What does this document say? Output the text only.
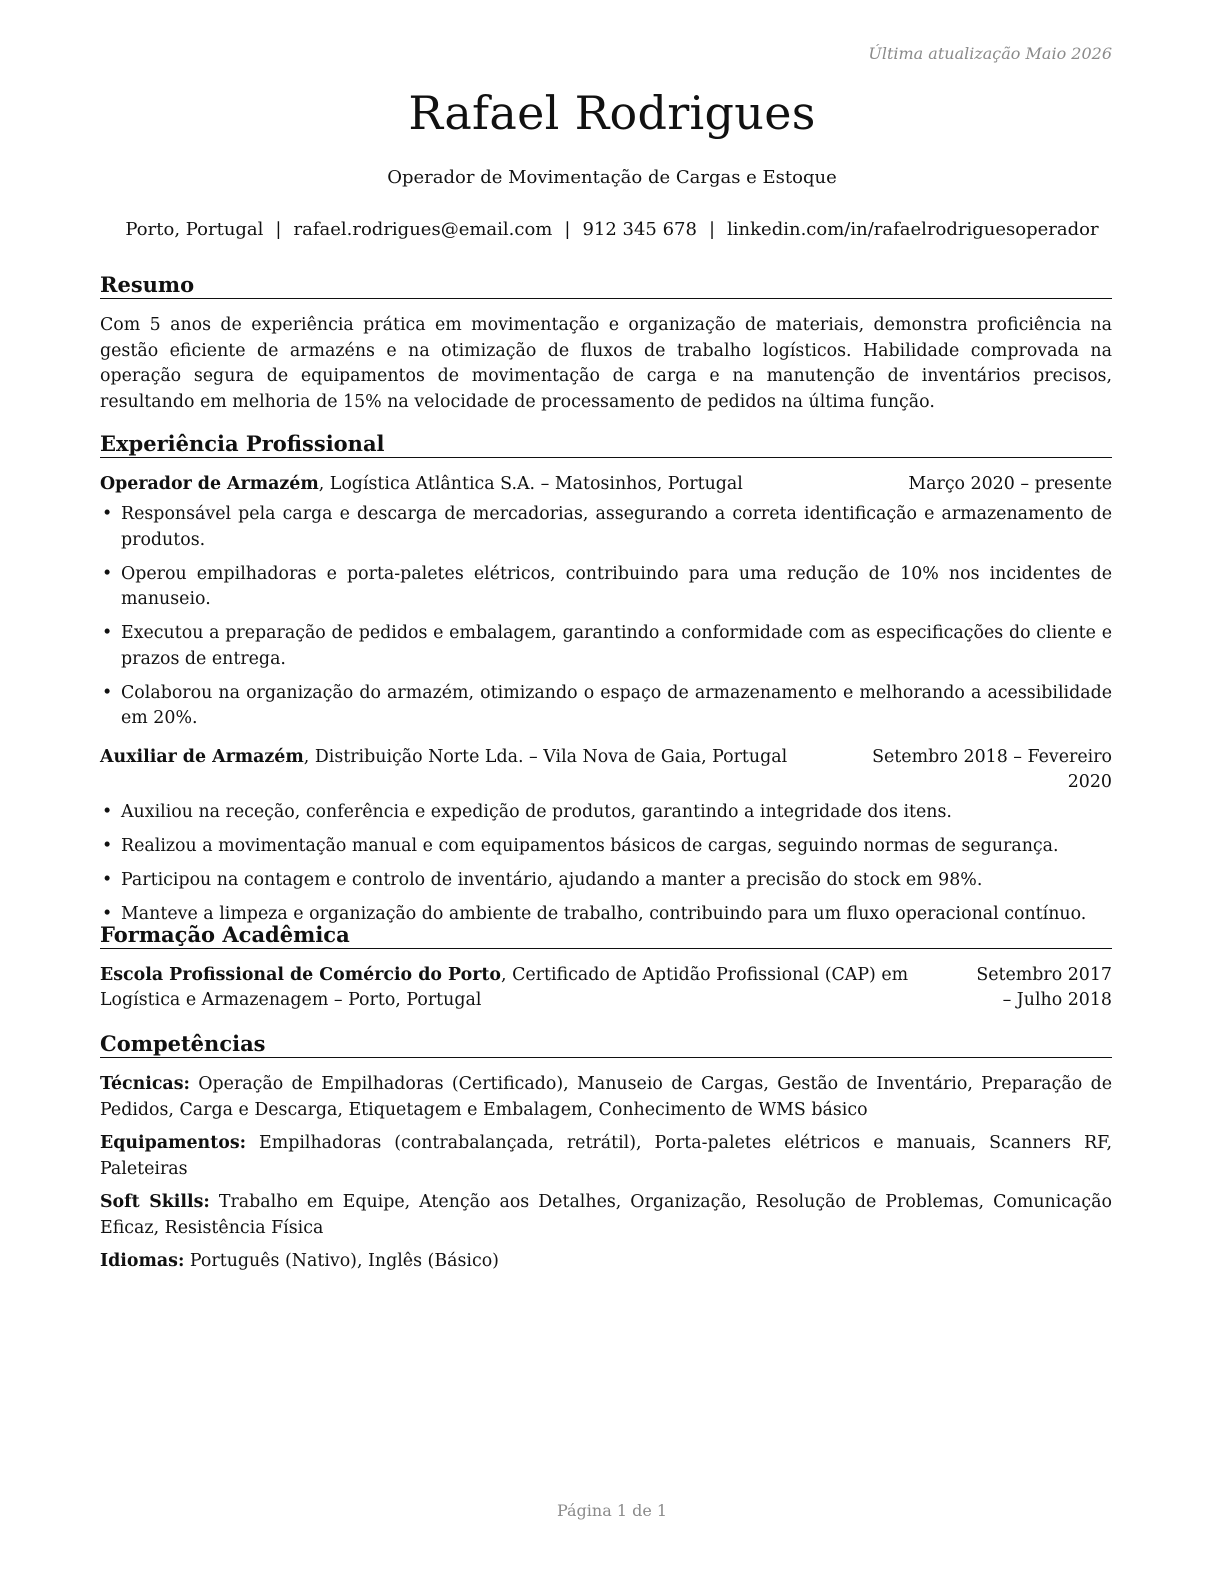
Última atualização Maio 2026
Rafael Rodrigues
Operador de Movimentação de Cargas e Estoque
Porto, Portugal | rafael.rodrigues@email.com | 912 345 678 | linkedin.com/in/rafaelrodriguesoperador
Resumo

Com 5 anos de experiência prática em movimentação e organização de materiais, demonstra proficiência na gestão eficiente de armazéns e na otimização de fluxos de trabalho logísticos. Habilidade comprovada na operação segura de equipamentos de movimentação de carga e na manutenção de inventários precisos, resultando em melhoria de 15% na velocidade de processamento de pedidos na última função.

Experiência Profissional
Operador de Armazém, Logística Atlântica S.A. – Matosinhos, Portugal	Março 2020 – presente
• Responsável pela carga e descarga de mercadorias, assegurando a correta identificação e armazenamento de produtos.
• Operou empilhadoras e porta-paletes elétricos, contribuindo para uma redução de 10% nos incidentes de manuseio.
• Executou a preparação de pedidos e embalagem, garantindo a conformidade com as especificações do cliente e prazos de entrega.
• Colaborou na organização do armazém, otimizando o espaço de armazenamento e melhorando a acessibilidade em 20%.
Auxiliar de Armazém, Distribuição Norte Lda. – Vila Nova de Gaia, Portugal	Setembro 2018 – Fevereiro 2020
• Auxiliou na receção, conferência e expedição de produtos, garantindo a integridade dos itens.
• Realizou a movimentação manual e com equipamentos básicos de cargas, seguindo normas de segurança.
• Participou na contagem e controlo de inventário, ajudando a manter a precisão do stock em 98%.
• Manteve a limpeza e organização do ambiente de trabalho, contribuindo para um fluxo operacional contínuo.
Formação Acadêmica
Escola Profissional de Comércio do Porto, Certificado de Aptidão Profissional (CAP) em Logística e Armazenagem – Porto, Portugal
Setembro 2017 – Julho 2018
Competências
Técnicas: Operação de Empilhadoras (Certificado), Manuseio de Cargas, Gestão de Inventário, Preparação de Pedidos, Carga e Descarga, Etiquetagem e Embalagem, Conhecimento de WMS básico
Equipamentos: Empilhadoras (contrabalançada, retrátil), Porta-paletes elétricos e manuais, Scanners RF, Paleteiras
Soft Skills: Trabalho em Equipe, Atenção aos Detalhes, Organização, Resolução de Problemas, Comunicação Eficaz, Resistência Física
Idiomas: Português (Nativo), Inglês (Básico)
Página 1 de 1
